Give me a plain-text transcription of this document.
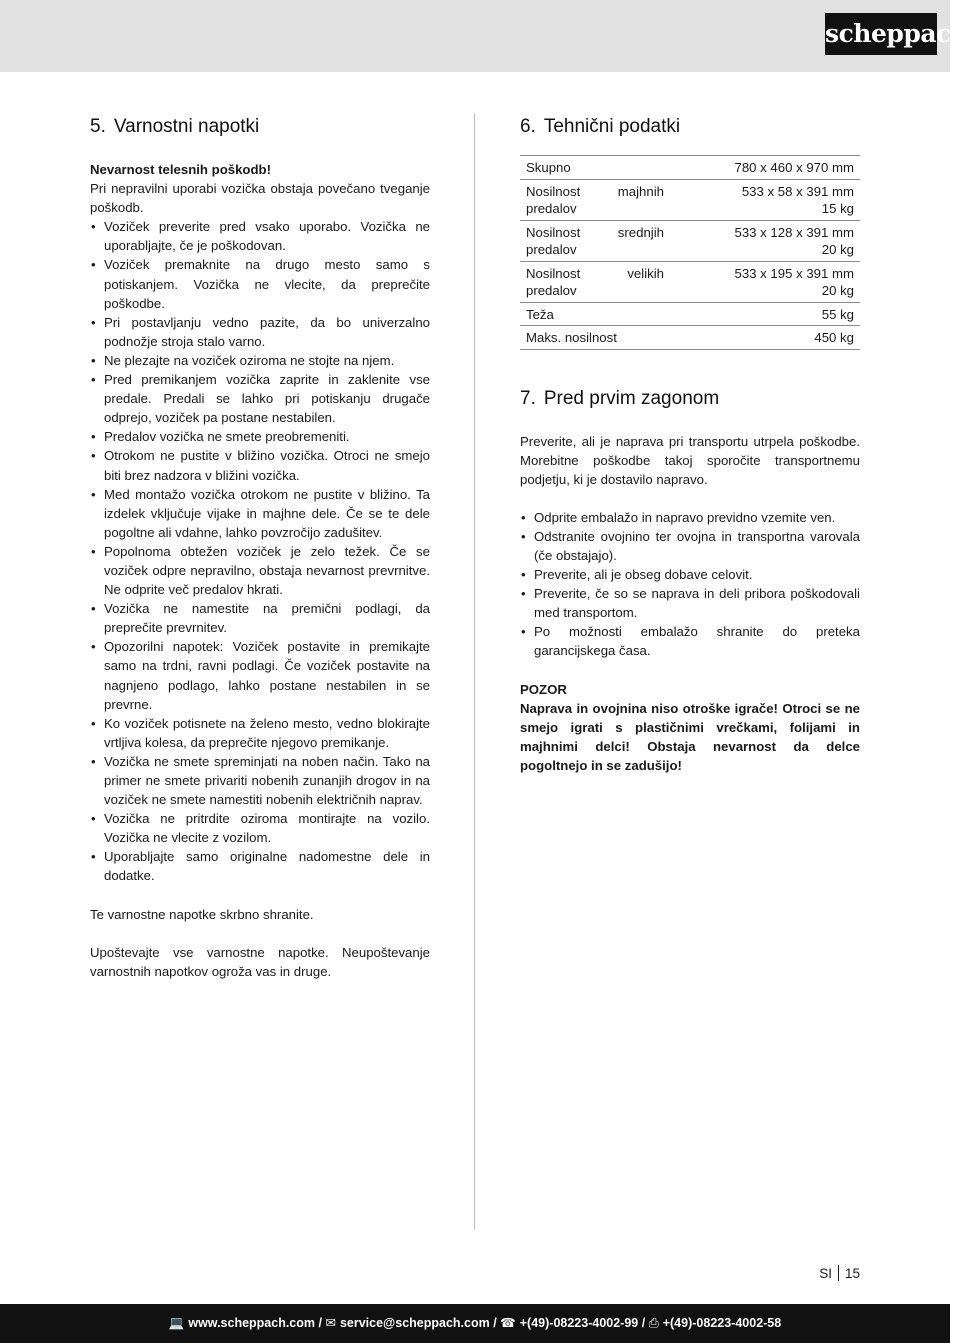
scheppach
5. Varnostni napotki

Nevarnost telesnih poškodb!

Pri nepravilni uporabi vozička obstaja povečano tveganje poškodb.

• Voziček preverite pred vsako uporabo. Vozička ne uporabljajte, če je poškodovan.
• Voziček premaknite na drugo mesto samo s potiskanjem. Vozička ne vlecite, da preprečite poškodbe.
• Pri postavljanju vedno pazite, da bo univerzalno podnožje stroja stalo varno.
• Ne plezajte na voziček oziroma ne stojte na njem.
• Pred premikanjem vozička zaprite in zaklenite vse predale. Predali se lahko pri potiskanju drugače odprejo, voziček pa postane nestabilen.
• Predalov vozička ne smete preobremeniti.
• Otrokom ne pustite v bližino vozička. Otroci ne smejo biti brez nadzora v bližini vozička.
• Med montažo vozička otrokom ne pustite v bližino. Ta izdelek vključuje vijake in majhne dele. Če se te dele pogoltne ali vdahne, lahko povzročijo zadušitev.
• Popolnoma obtežen voziček je zelo težek. Če se voziček odpre nepravilno, obstaja nevarnost prevrnitve. Ne odprite več predalov hkrati.
• Vozička ne namestite na premični podlagi, da preprečite prevrnitev.
• Opozorilni napotek: Voziček postavite in premikajte samo na trdni, ravni podlagi. Če voziček postavite na nagnjeno podlago, lahko postane nestabilen in se prevrne.
• Ko voziček potisnete na želeno mesto, vedno blokirajte vrtljiva kolesa, da preprečite njegovo premikanje.
• Vozička ne smete spreminjati na noben način. Tako na primer ne smete privariti nobenih zunanjih drogov in na voziček ne smete namestiti nobenih električnih naprav.
• Vozička ne pritrdite oziroma montirajte na vozilo. Vozička ne vlecite z vozilom.
• Uporabljajte samo originalne nadomestne dele in dodatke.

Te varnostne napotke skrbno shranite.

Upoštevajte vse varnostne napotke. Neupoštevanje varnostnih napotkov ogroža vas in druge.

6. Tehnični podatki
Skupno	780 x 460 x 970 mm

Nosilnost majhnih predalov	533 x 58 x 391 mm
15 kg

Nosilnost srednjih predalov	533 x 128 x 391 mm
20 kg

Nosilnost velikih predalov	533 x 195 x 391 mm
20 kg

Teža	55 kg

Maks. nosilnost	450 kg
7. Pred prvim zagonom

Preverite, ali je naprava pri transportu utrpela poškodbe. Morebitne poškodbe takoj sporočite transportnemu podjetju, ki je dostavilo napravo.

• Odprite embalažo in napravo previdno vzemite ven.
• Odstranite ovojnino ter ovojna in transportna varovala (če obstajajo).
• Preverite, ali je obseg dobave celovit.
• Preverite, če so se naprava in deli pribora poškodovali med transportom.
• Po možnosti embalažo shranite do preteka garancijskega časa.

POZOR

Naprava in ovojnina niso otroške igrače! Otroci se ne smejo igrati s plastičnimi vrečkami, folijami in majhnimi delci! Obstaja nevarnost da delce pogoltnejo in se zadušijo!

SI 15
💻 www.scheppach.com / ✉ service@scheppach.com / ☎ +(49)-08223-4002-99 / ⎙ +(49)-08223-4002-58
